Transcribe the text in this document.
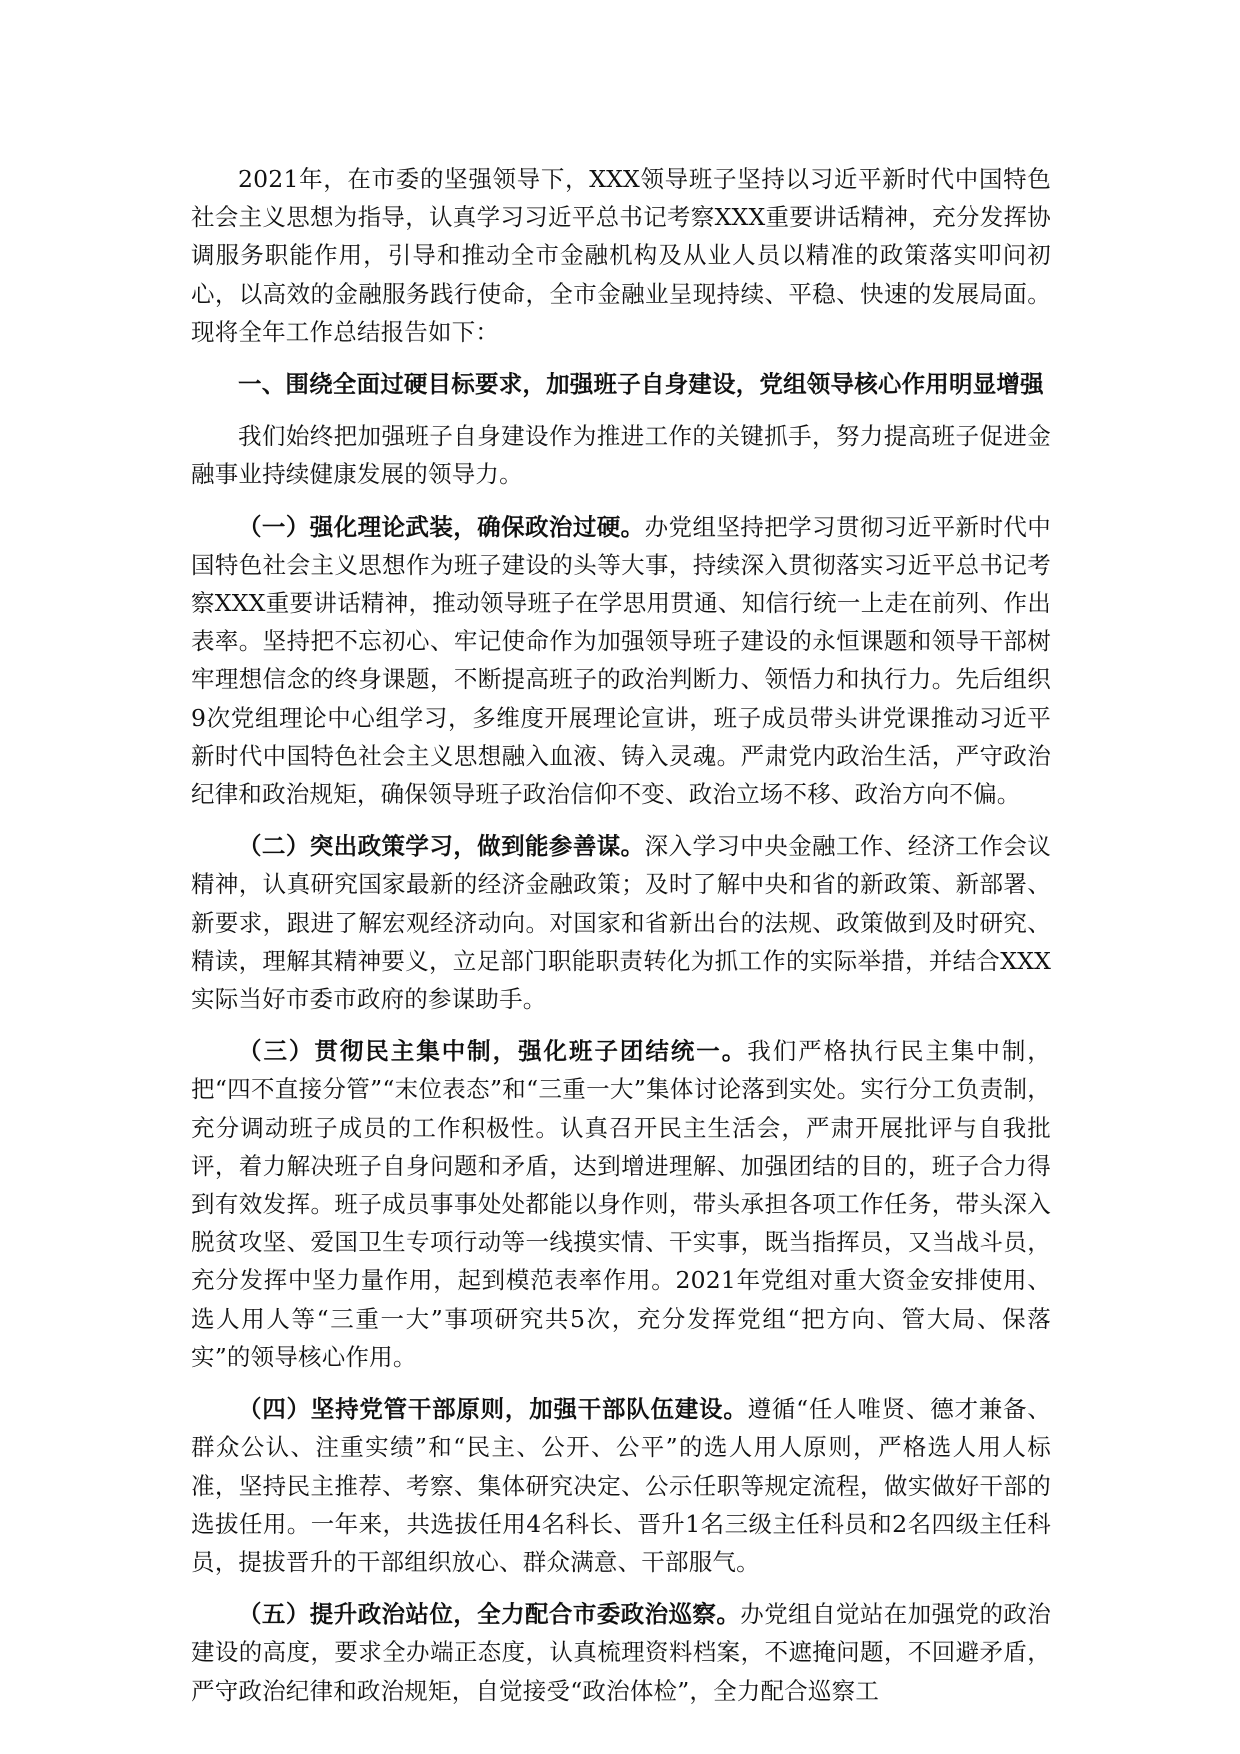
2021年，在市委的坚强领导下，XXX领导班子坚持以习近平新时代中国特色社会主义思想为指导，认真学习习近平总书记考察XXX重要讲话精神，充分发挥协调服务职能作用，引导和推动全市金融机构及从业人员以精准的政策落实叩问初心，以高效的金融服务践行使命，全市金融业呈现持续、平稳、快速的发展局面。现将全年工作总结报告如下：

一、围绕全面过硬目标要求，加强班子自身建设，党组领导核心作用明显增强

我们始终把加强班子自身建设作为推进工作的关键抓手，努力提高班子促进金融事业持续健康发展的领导力。

（一）强化理论武装，确保政治过硬。办党组坚持把学习贯彻习近平新时代中国特色社会主义思想作为班子建设的头等大事，持续深入贯彻落实习近平总书记考察XXX重要讲话精神，推动领导班子在学思用贯通、知信行统一上走在前列、作出表率。坚持把不忘初心、牢记使命作为加强领导班子建设的永恒课题和领导干部树牢理想信念的终身课题，不断提高班子的政治判断力、领悟力和执行力。先后组织9次党组理论中心组学习，多维度开展理论宣讲，班子成员带头讲党课推动习近平新时代中国特色社会主义思想融入血液、铸入灵魂。严肃党内政治生活，严守政治纪律和政治规矩，确保领导班子政治信仰不变、政治立场不移、政治方向不偏。

（二）突出政策学习，做到能参善谋。深入学习中央金融工作、经济工作会议精神，认真研究国家最新的经济金融政策；及时了解中央和省的新政策、新部署、新要求，跟进了解宏观经济动向。对国家和省新出台的法规、政策做到及时研究、精读，理解其精神要义，立足部门职能职责转化为抓工作的实际举措，并结合XXX实际当好市委市政府的参谋助手。

（三）贯彻民主集中制，强化班子团结统一。我们严格执行民主集中制，把“四不直接分管”“末位表态”和“三重一大”集体讨论落到实处。实行分工负责制，充分调动班子成员的工作积极性。认真召开民主生活会，严肃开展批评与自我批评，着力解决班子自身问题和矛盾，达到增进理解、加强团结的目的，班子合力得到有效发挥。班子成员事事处处都能以身作则，带头承担各项工作任务，带头深入脱贫攻坚、爱国卫生专项行动等一线摸实情、干实事，既当指挥员，又当战斗员，充分发挥中坚力量作用，起到模范表率作用。2021年党组对重大资金安排使用、选人用人等“三重一大”事项研究共5次，充分发挥党组“把方向、管大局、保落实”的领导核心作用。

（四）坚持党管干部原则，加强干部队伍建设。遵循“任人唯贤、德才兼备、群众公认、注重实绩”和“民主、公开、公平”的选人用人原则，严格选人用人标准，坚持民主推荐、考察、集体研究决定、公示任职等规定流程，做实做好干部的选拔任用。一年来，共选拔任用4名科长、晋升1名三级主任科员和2名四级主任科员，提拔晋升的干部组织放心、群众满意、干部服气。

（五）提升政治站位，全力配合市委政治巡察。办党组自觉站在加强党的政治建设的高度，要求全办端正态度，认真梳理资料档案，不遮掩问题，不回避矛盾，严守政治纪律和政治规矩，自觉接受“政治体检”，全力配合巡察工
